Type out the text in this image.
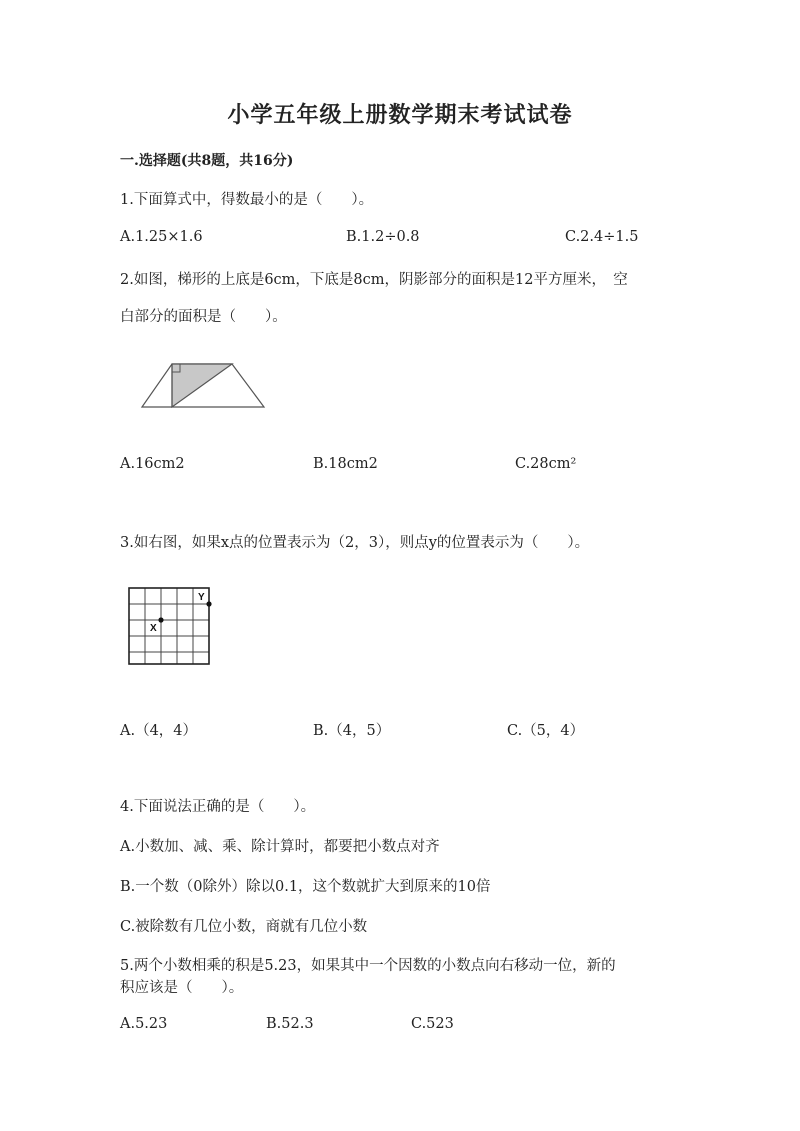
小学五年级上册数学期末考试试卷
一.选择题(共8题，共16分)
1.下面算式中，得数最小的是（　　）。
A.1.25×1.6	B.1.2÷0.8	C.2.4÷1.5
2.如图，梯形的上底是6cm，下底是8cm，阴影部分的面积是12平方厘米，　空
白部分的面积是（　　）。
A.16cm2	B.18cm2	C.28cm²
3.如右图，如果x点的位置表示为（2，3），则点y的位置表示为（　　）。
X
Y
A.（4，4）	B.（4，5）	C.（5，4）
4.下面说法正确的是（　　）。
A.小数加、减、乘、除计算时，都要把小数点对齐
B.一个数（0除外）除以0.1，这个数就扩大到原来的10倍
C.被除数有几位小数，商就有几位小数
5.两个小数相乘的积是5.23，如果其中一个因数的小数点向右移动一位，新的
积应该是（　　）。
A.5.23	B.52.3	C.523
